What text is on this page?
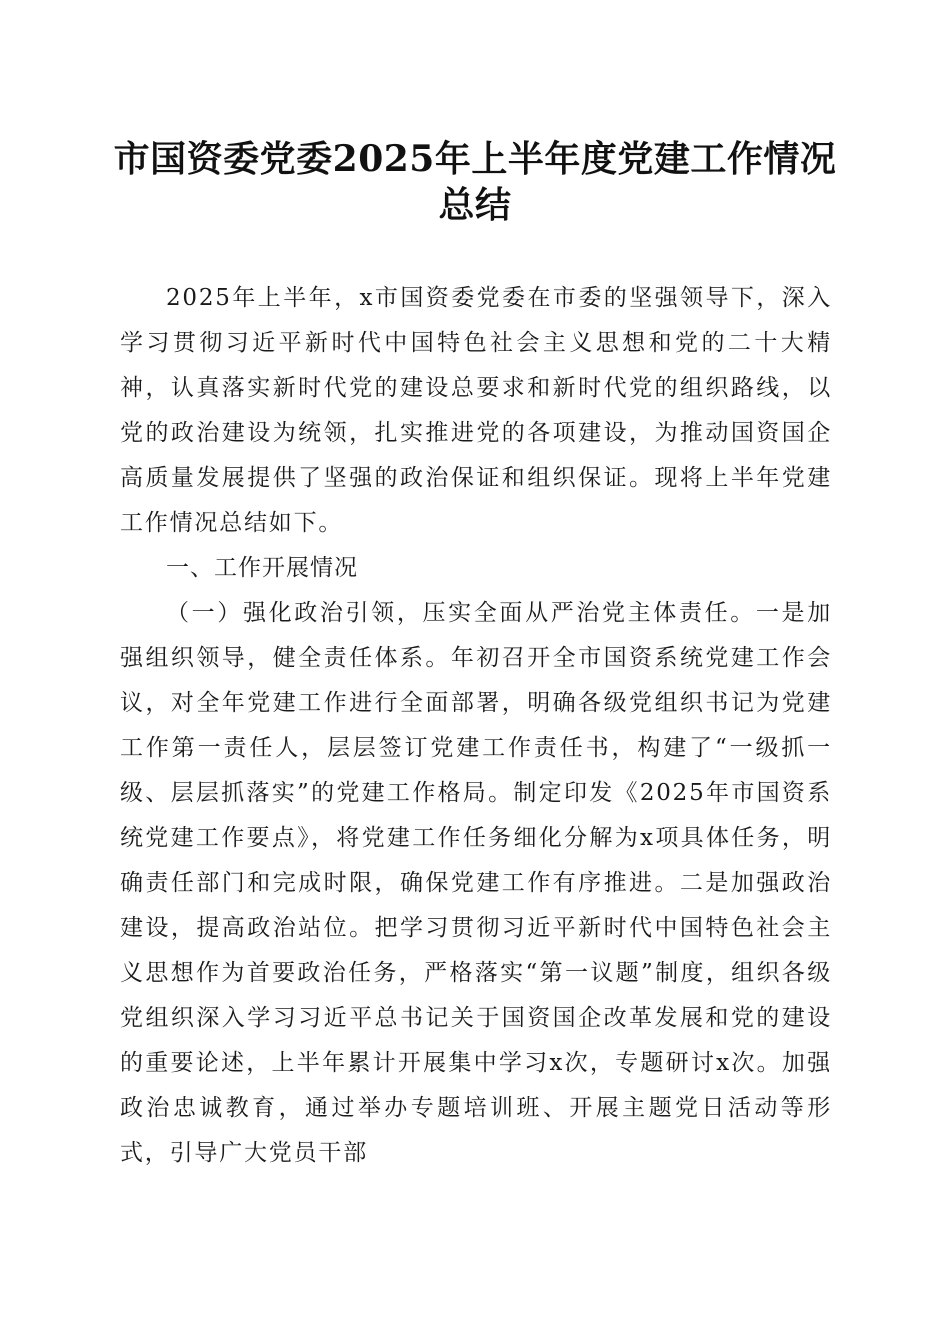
市国资委党委2025年上半年度党建工作情况
总结

2025年上半年，x市国资委党委在市委的坚强领导下，深入学习贯彻习近平新时代中国特色社会主义思想和党的二十大精神，认真落实新时代党的建设总要求和新时代党的组织路线，以党的政治建设为统领，扎实推进党的各项建设，为推动国资国企高质量发展提供了坚强的政治保证和组织保证。现将上半年党建工作情况总结如下。

一、工作开展情况

（一）强化政治引领，压实全面从严治党主体责任。一是加强组织领导，健全责任体系。年初召开全市国资系统党建工作会议，对全年党建工作进行全面部署，明确各级党组织书记为党建工作第一责任人，层层签订党建工作责任书，构建了“一级抓一级、层层抓落实”的党建工作格局。制定印发《2025年市国资系统党建工作要点》，将党建工作任务细化分解为x项具体任务，明确责任部门和完成时限，确保党建工作有序推进。二是加强政治建设，提高政治站位。把学习贯彻习近平新时代中国特色社会主义思想作为首要政治任务，严格落实“第一议题”制度，组织各级党组织深入学习习近平总书记关于国资国企改革发展和党的建设的重要论述，上半年累计开展集中学习x次，专题研讨x次。加强政治忠诚教育，通过举办专题培训班、开展主题党日活动等形式，引导广大党员干部
